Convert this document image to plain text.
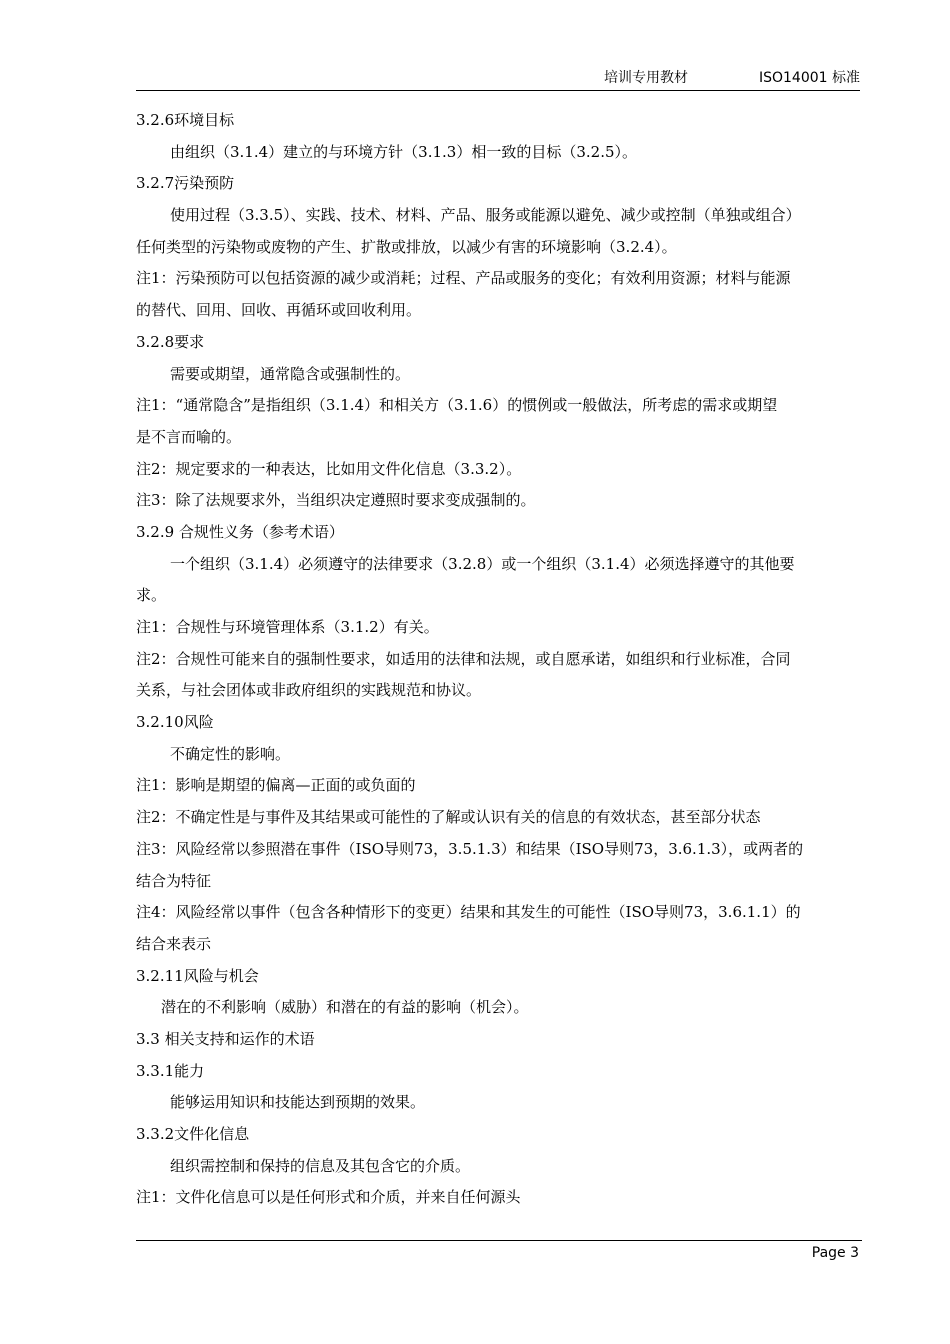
培训专用教材	ISO14001 标准
3.2.6环境目标
由组织（3.1.4）建立的与环境方针（3.1.3）相一致的目标（3.2.5）。
3.2.7污染预防
使用过程（3.3.5）、实践、技术、材料、产品、服务或能源以避免、减少或控制（单独或组合）
任何类型的污染物或废物的产生、扩散或排放，以减少有害的环境影响（3.2.4）。
注1：污染预防可以包括资源的减少或消耗；过程、产品或服务的变化；有效利用资源；材料与能源
的替代、回用、回收、再循环或回收利用。
3.2.8要求
需要或期望，通常隐含或强制性的。
注1：“通常隐含”是指组织（3.1.4）和相关方（3.1.6）的惯例或一般做法，所考虑的需求或期望
是不言而喻的。
注2：规定要求的一种表达，比如用文件化信息（3.3.2）。
注3：除了法规要求外，当组织决定遵照时要求变成强制的。
3.2.9 合规性义务（参考术语）
一个组织（3.1.4）必须遵守的法律要求（3.2.8）或一个组织（3.1.4）必须选择遵守的其他要
求。
注1：合规性与环境管理体系（3.1.2）有关。
注2：合规性可能来自的强制性要求，如适用的法律和法规，或自愿承诺，如组织和行业标准，合同
关系，与社会团体或非政府组织的实践规范和协议。
3.2.10风险
不确定性的影响。
注1：影响是期望的偏离—正面的或负面的
注2：不确定性是与事件及其结果或可能性的了解或认识有关的信息的有效状态，甚至部分状态
注3：风险经常以参照潜在事件（ISO导则73，3.5.1.3）和结果（ISO导则73，3.6.1.3），或两者的
结合为特征
注4：风险经常以事件（包含各种情形下的变更）结果和其发生的可能性（ISO导则73，3.6.1.1）的
结合来表示
3.2.11风险与机会
潜在的不利影响（威胁）和潜在的有益的影响（机会）。
3.3 相关支持和运作的术语
3.3.1能力
能够运用知识和技能达到预期的效果。
3.3.2文件化信息
组织需控制和保持的信息及其包含它的介质。
注1：文件化信息可以是任何形式和介质，并来自任何源头
Page 3
